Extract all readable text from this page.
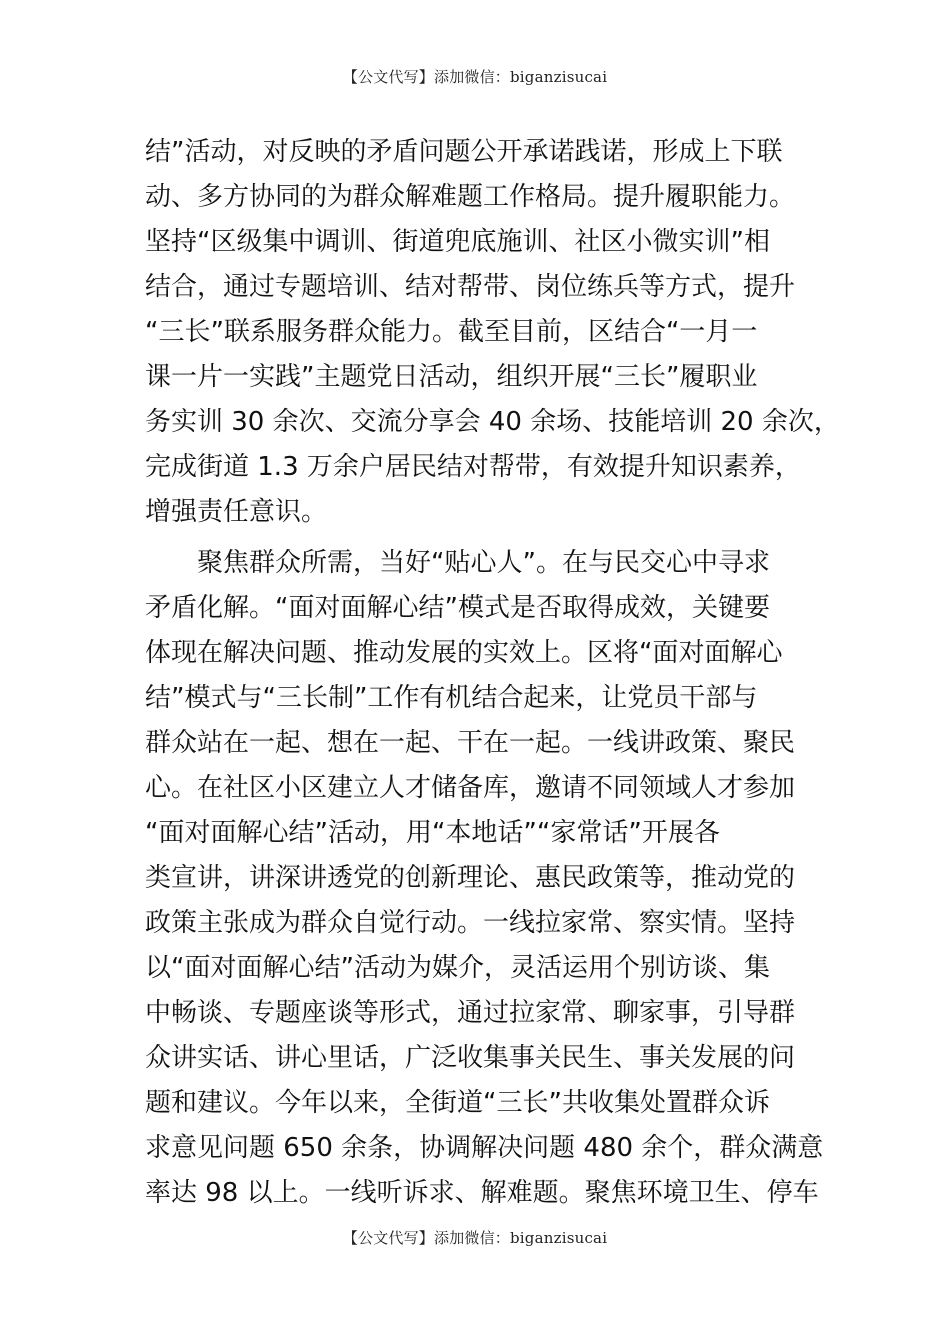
【公文代写】添加微信：biganzisucai
结”活动，对反映的矛盾问题公开承诺践诺，形成上下联
动、多方协同的为群众解难题工作格局。提升履职能力。
坚持“区级集中调训、街道兜底施训、社区小微实训”相
结合，通过专题培训、结对帮带、岗位练兵等方式，提升
“三长”联系服务群众能力。截至目前，区结合“一月一
课一片一实践”主题党日活动，组织开展“三长”履职业
务实训 30 余次、交流分享会 40 余场、技能培训 20 余次，
完成街道 1.3 万余户居民结对帮带，有效提升知识素养，
增强责任意识。
　　聚焦群众所需，当好“贴心人”。在与民交心中寻求
矛盾化解。“面对面解心结”模式是否取得成效，关键要
体现在解决问题、推动发展的实效上。区将“面对面解心
结”模式与“三长制”工作有机结合起来，让党员干部与
群众站在一起、想在一起、干在一起。一线讲政策、聚民
心。在社区小区建立人才储备库，邀请不同领域人才参加
“面对面解心结”活动，用“本地话”“家常话”开展各
类宣讲，讲深讲透党的创新理论、惠民政策等，推动党的
政策主张成为群众自觉行动。一线拉家常、察实情。坚持
以“面对面解心结”活动为媒介，灵活运用个别访谈、集
中畅谈、专题座谈等形式，通过拉家常、聊家事，引导群
众讲实话、讲心里话，广泛收集事关民生、事关发展的问
题和建议。今年以来，全街道“三长”共收集处置群众诉
求意见问题 650 余条，协调解决问题 480 余个，群众满意
率达 98 以上。一线听诉求、解难题。聚焦环境卫生、停车
【公文代写】添加微信：biganzisucai
